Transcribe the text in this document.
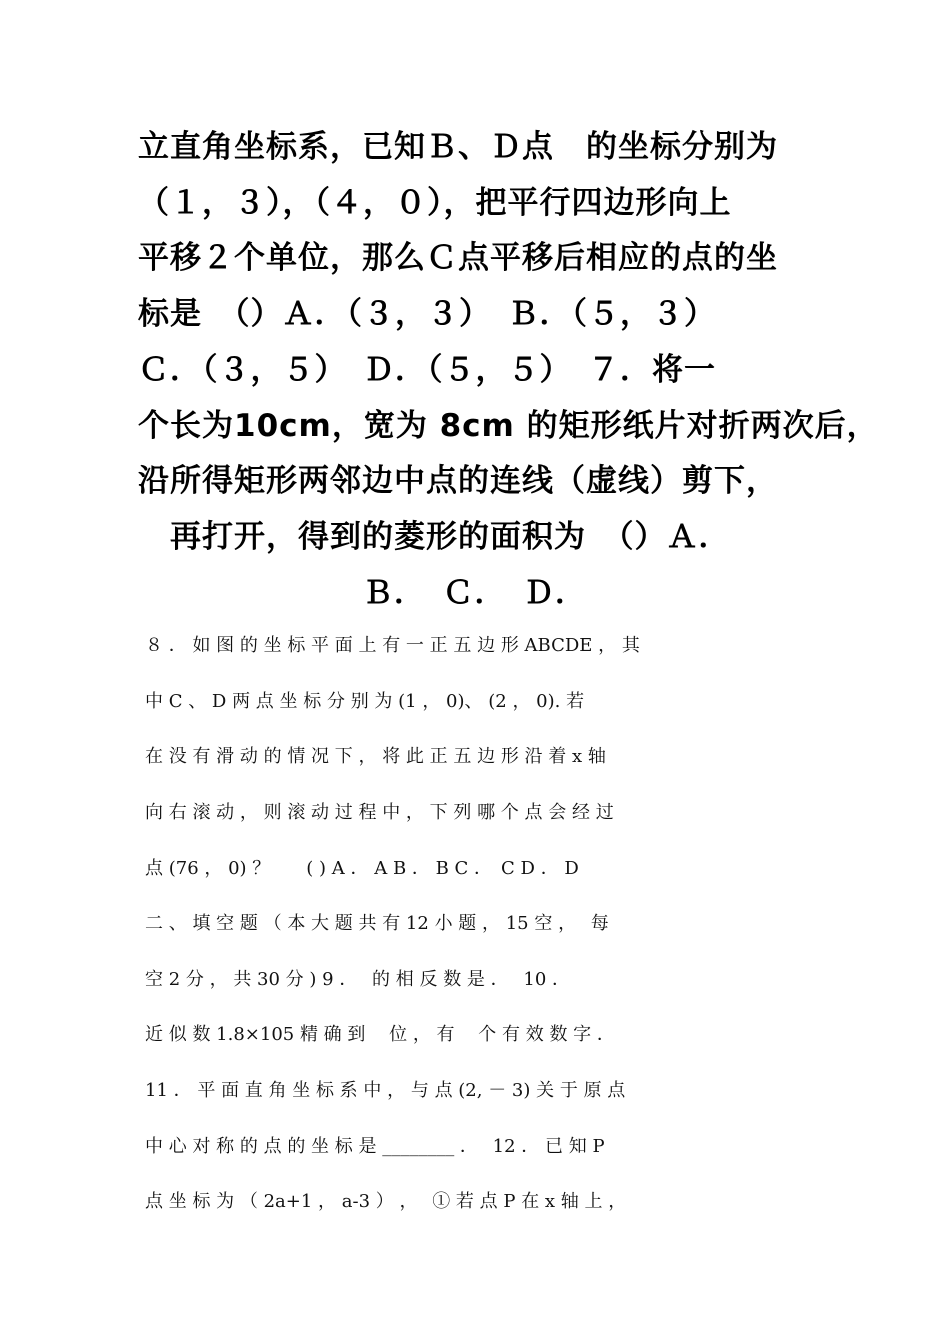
立直角坐标系，已知Ｂ、Ｄ点　的坐标分别为
（１，３），（４，０），把平行四边形向上
平移２个单位，那么Ｃ点平移后相应的点的坐
标是　（）Ａ．（３，３）　Ｂ．（５，３）
Ｃ．（３，５）　Ｄ．（５，５）　７．将一
个长为10cm，宽为 8cm 的矩形纸片对折两次后，
沿所得矩形两邻边中点的连线（虚线）剪下，
　再打开，得到的菱形的面积为　（）Ａ．
　　　　　　　Ｂ．　Ｃ．　Ｄ．
８ ． 如 图 的 坐 标 平 面 上 有 一 正 五 边 形 ABCDE ， 其
中 C 、 D 两 点 坐 标 分 别 为 (1 ， 0)、 (2 ， 0). 若
在 没 有 滑 动 的 情 况 下 ， 将 此 正 五 边 形 沿 着 x 轴
向 右 滚 动 ， 则 滚 动 过 程 中 ， 下 列 哪 个 点 会 经 过
点 (76 ， 0) ？　　( ) A ． A B ． B C ．　C D ． D
二 、 填 空 题 （ 本 大 题 共 有 12 小 题 ， 15 空 ，　 每
空 2 分 ， 共 30 分 ) 9 ．　 的 相 反 数 是 ．　 10 ．
近 似 数 1.8×105 精 确 到　 位 ， 有　 个 有 效 数 字 ．
11 ． 平 面 直 角 坐 标 系 中 ， 与 点 (2, － 3) 关 于 原 点
中 心 对 称 的 点 的 坐 标 是 ________ ．　 12 ． 已 知 P
点 坐 标 为 （ 2a+1 ， a-3 ） ，　 ① 若 点 P 在 x 轴 上 ，
